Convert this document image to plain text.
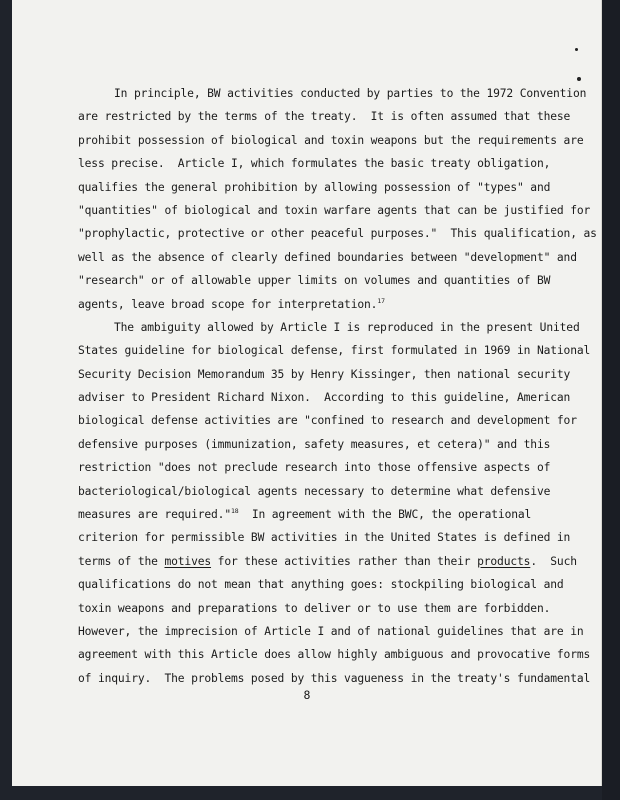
In principle, BW activities conducted by parties to the 1972 Convention
are restricted by the terms of the treaty.  It is often assumed that these
prohibit possession of biological and toxin weapons but the requirements are
less precise.  Article I, which formulates the basic treaty obligation,
qualifies the general prohibition by allowing possession of "types" and
"quantities" of biological and toxin warfare agents that can be justified for
"prophylactic, protective or other peaceful purposes."  This qualification, as
well as the absence of clearly defined boundaries between "development" and
"research" or of allowable upper limits on volumes and quantities of BW
agents, leave broad scope for interpretation.$^{17}$
The ambiguity allowed by Article I is reproduced in the present United
States guideline for biological defense, first formulated in 1969 in National
Security Decision Memorandum 35 by Henry Kissinger, then national security
adviser to President Richard Nixon.  According to this guideline, American
biological defense activities are "confined to research and development for
defensive purposes (immunization, safety measures, et cetera)" and this
restriction "does not preclude research into those offensive aspects of
bacteriological/biological agents necessary to determine what defensive
measures are required."$^{18}$  In agreement with the BWC, the operational
criterion for permissible BW activities in the United States is defined in
terms of the motives for these activities rather than their products.  Such
qualifications do not mean that anything goes: stockpiling biological and
toxin weapons and preparations to deliver or to use them are forbidden.
However, the imprecision of Article I and of national guidelines that are in
agreement with this Article does allow highly ambiguous and provocative forms
of inquiry.  The problems posed by this vagueness in the treaty's fundamental
8
